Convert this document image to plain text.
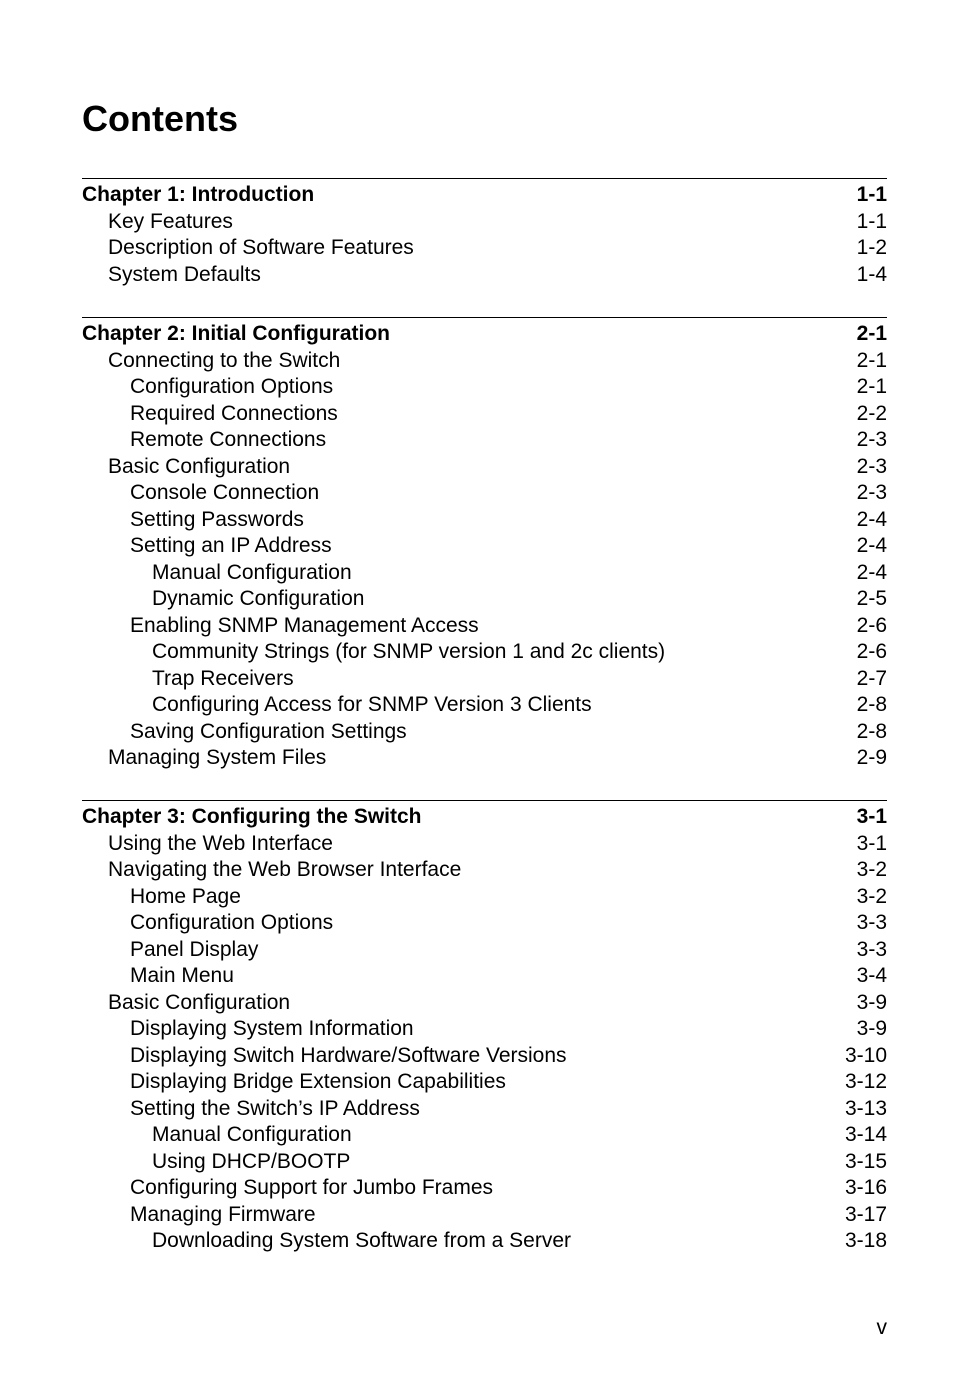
Contents
Chapter 1: Introduction	1-1
Key Features	1-1
Description of Software Features	1-2
System Defaults	1-4
Chapter 2: Initial Configuration	2-1
Connecting to the Switch	2-1
Configuration Options	2-1
Required Connections	2-2
Remote Connections	2-3
Basic Configuration	2-3
Console Connection	2-3
Setting Passwords	2-4
Setting an IP Address	2-4
Manual Configuration	2-4
Dynamic Configuration	2-5
Enabling SNMP Management Access	2-6
Community Strings (for SNMP version 1 and 2c clients)	2-6
Trap Receivers	2-7
Configuring Access for SNMP Version 3 Clients	2-8
Saving Configuration Settings	2-8
Managing System Files	2-9
Chapter 3: Configuring the Switch	3-1
Using the Web Interface	3-1
Navigating the Web Browser Interface	3-2
Home Page	3-2
Configuration Options	3-3
Panel Display	3-3
Main Menu	3-4
Basic Configuration	3-9
Displaying System Information	3-9
Displaying Switch Hardware/Software Versions	3-10
Displaying Bridge Extension Capabilities	3-12
Setting the Switch’s IP Address	3-13
Manual Configuration	3-14
Using DHCP/BOOTP	3-15
Configuring Support for Jumbo Frames	3-16
Managing Firmware	3-17
Downloading System Software from a Server	3-18
v
